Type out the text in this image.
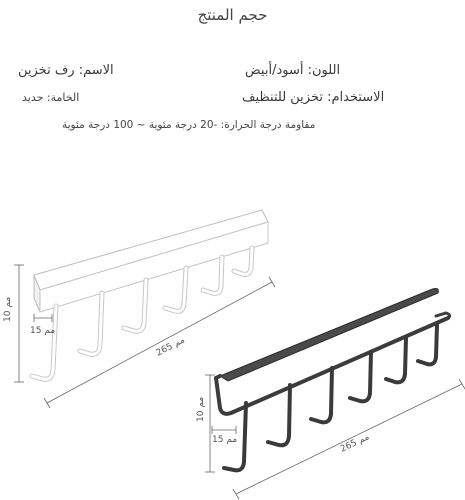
حجم المنتج
اللون: أسود/أبيض
الاسم: رف تخزين
الاستخدام: تخزين للتنظيف
الخامة: حديد
مقاومة درجة الحرارة: -20 درجة مئوية ~ 100 درجة مئوية
10 مم
15 مم
265 مم
10 مم
15 مم	265 مم
